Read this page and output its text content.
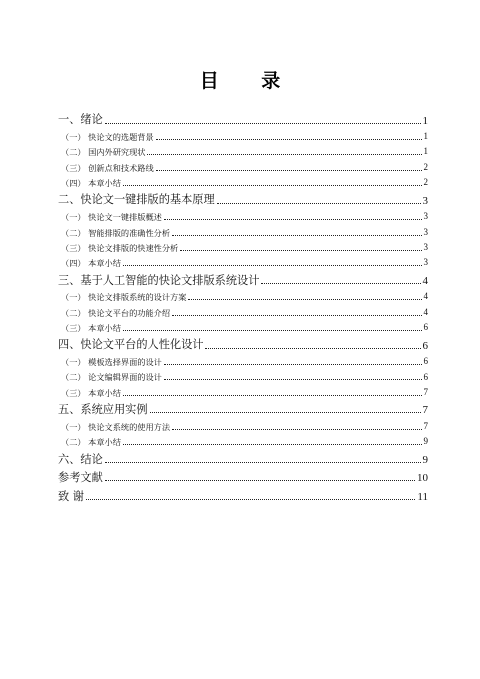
目 录
一、绪论	1
（一） 快论文的选题背景	1
（二） 国内外研究现状	1
（三） 创新点和技术路线	2
（四） 本章小结	2
二、快论文一键排版的基本原理	3
（一） 快论文一键排版概述	3
（二） 智能排版的准确性分析	3
（三） 快论文排版的快速性分析	3
（四） 本章小结	3
三、基于人工智能的快论文排版系统设计	4
（一） 快论文排版系统的设计方案	4
（二） 快论文平台的功能介绍	4
（三） 本章小结	6
四、快论文平台的人性化设计	6
（一） 模板选择界面的设计	6
（二） 论文编辑界面的设计	6
（三） 本章小结	7
五、系统应用实例	7
（一） 快论文系统的使用方法	7
（二） 本章小结	9
六、结论	9
参考文献	10
致 谢	11
